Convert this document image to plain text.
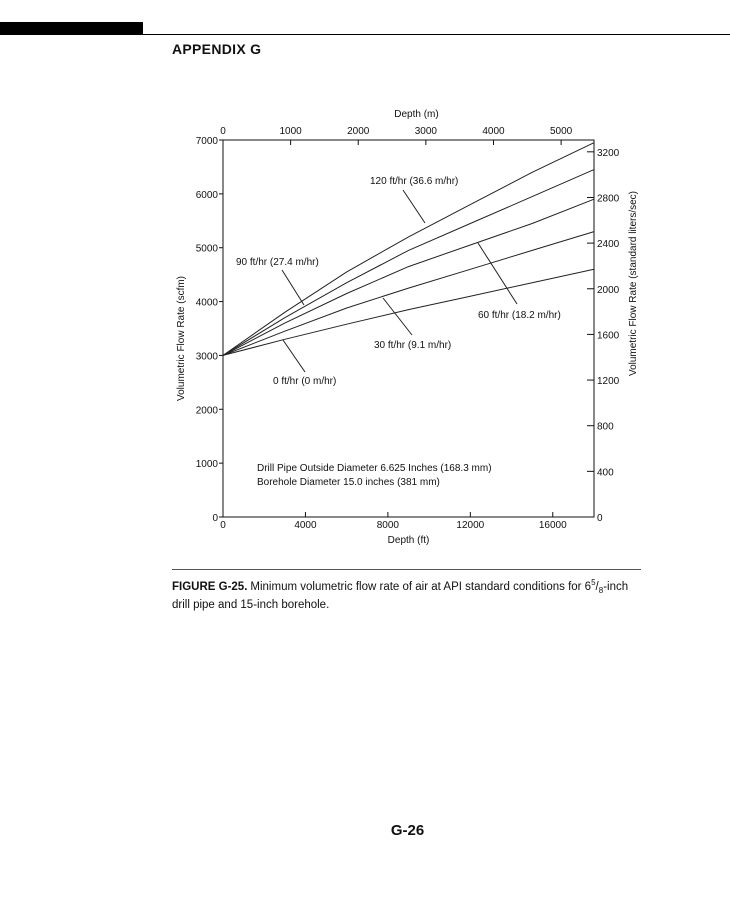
APPENDIX G
0	4000	8000	12000	16000
Depth (ft)
0	1000	2000	3000	4000	5000
Depth (m)
0
1000
2000
3000
4000
5000
6000
7000
Volumetric Flow Rate (scfm)
0
400
800
1200
1600
2000
2400
2800
3200
Volumetric Flow Rate (standard liters/sec)
120 ft/hr (36.6 m/hr)
90 ft/hr (27.4 m/hr)
60 ft/hr (18.2 m/hr)
30 ft/hr (9.1 m/hr)
0 ft/hr (0 m/hr)
Drill Pipe Outside Diameter 6.625 Inches (168.3 mm)
Borehole Diameter 15.0 inches (381 mm)
FIGURE G-25. Minimum volumetric flow rate of air at API standard conditions for $6^5/_8$-inch drill pipe and 15-inch borehole.
G-26
